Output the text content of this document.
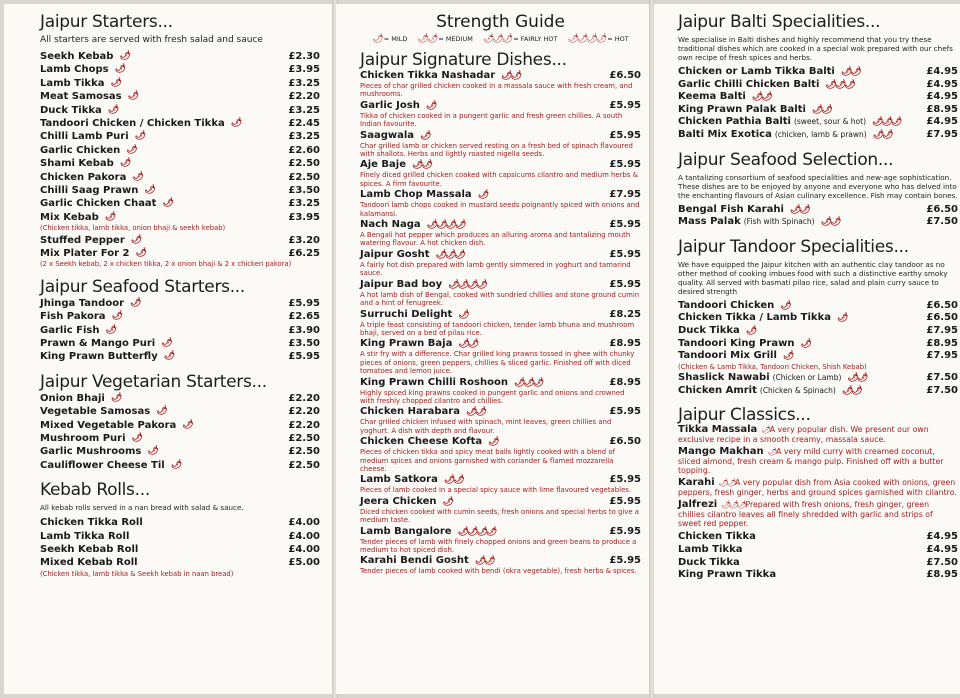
Jaipur Starters...
All starters are served with fresh salad and sauce
Seekh Kebab 🌶	£2.30
Lamb Chops 🌶	£3.95
Lamb Tikka 🌶	£3.25
Meat Samosas 🌶	£2.20
Duck Tikka 🌶	£3.25
Tandoori Chicken / Chicken Tikka 🌶	£2.45
Chilli Lamb Puri 🌶	£3.25
Garlic Chicken 🌶	£2.60
Shami Kebab 🌶	£2.50
Chicken Pakora 🌶	£2.50
Chilli Saag Prawn 🌶	£3.50
Garlic Chicken Chaat 🌶	£3.25
Mix Kebab 🌶	£3.95
(Chicken tikka, lamb tikka, onion bhaji & seekh kebab)
Stuffed Pepper 🌶	£3.20
Mix Plater For 2 🌶	£6.25
(2 x Seekh kebab, 2 x chicken tikka, 2 x onion bhaji & 2 x chicken pakora)
Jaipur Seafood Starters...
Jhinga Tandoor 🌶	£5.95
Fish Pakora 🌶	£2.65
Garlic Fish 🌶	£3.90
Prawn & Mango Puri 🌶	£3.50
King Prawn Butterfly 🌶	£5.95
Jaipur Vegetarian Starters...
Onion Bhaji 🌶	£2.20
Vegetable Samosas 🌶	£2.20
Mixed Vegetable Pakora 🌶	£2.20
Mushroom Puri 🌶	£2.50
Garlic Mushrooms 🌶	£2.50
Cauliflower Cheese Til 🌶	£2.50
Kebab Rolls...
All kebab rolls served in a nan bread with salad & sauce.
Chicken Tikka Roll	£4.00
Lamb Tikka Roll	£4.00
Seekh Kebab Roll	£4.00
Mixed Kebab Roll	£5.00
(Chicken tikka, lamb tikka & Seekh kebab in naan bread)
Strength Guide
🌶 = MILD 🌶🌶 = MEDIUM 🌶🌶🌶 = FAIRLY HOT 🌶🌶🌶🌶 = HOT
Jaipur Signature Dishes...
Chicken Tikka Nashadar 🌶🌶	£6.50
Pieces of char grilled chicken cooked in a massala sauce with fresh cream, and mushrooms.
Garlic Josh 🌶	£5.95
Tikka of chicken cooked in a pungent garlic and fresh green chillies. A south Indian favourite.
Saagwala 🌶	£5.95
Char grilled lamb or chicken served resting on a fresh bed of spinach flavoured with shallots. Herbs and lightly roasted nigella seeds.
Aje Baje 🌶🌶	£5.95
Finely diced grilled chicken cooked with capsicums cilantro and medium herbs & spices. A firm favourite.
Lamb Chop Massala 🌶	£7.95
Tandoori lamb chops cooked in mustard seeds poignantly spiced with onions and kalamansi.
Nach Naga 🌶🌶🌶🌶	£5.95
A Bengali hot pepper which produces an alluring aroma and tantalizing mouth watering flavour. A hot chicken dish.
Jaipur Gosht 🌶🌶🌶	£5.95
A fairly hot dish prepared with lamb gently simmered in yoghurt and tamarind sauce.
Jaipur Bad boy 🌶🌶🌶🌶	£5.95
A hot lamb dish of Bengal, cooked with sundried chillies and stone ground cumin and a hint of fenugreek.
Surruchi Delight 🌶	£8.25
A triple feast consisting of tandoori chicken, tender lamb bhuna and mushroom bhaji, served on a bed of pilau rice.
King Prawn Baja 🌶🌶	£8.95
A stir fry with a difference. Char grilled king prawns tossed in ghee with chunky pieces of onions, green peppers, chillies & sliced garlic. Finished off with diced tomatoes and lemon juice.
King Prawn Chilli Roshoon 🌶🌶🌶	£8.95
Highly spiced king prawns cooked in pungent garlic and onions and crowned with freshly chopped cilantro and chillies.
Chicken Harabara 🌶🌶	£5.95
Char grilled chicken infused with spinach, mint leaves, green chillies and yoghurt. A dish with depth and flavour.
Chicken Cheese Kofta 🌶	£6.50
Pieces of chicken tikka and spicy meat balls lightly cooked with a blend of medium spices and onions garnished with coriander & flamed mozzarella cheese.
Lamb Satkora 🌶🌶	£5.95
Pieces of lamb cooked in a special spicy sauce with lime flavoured vegetables.
Jeera Chicken 🌶	£5.95
Diced chicken cooked with cumin seeds, fresh onions and special herbs to give a medium taste.
Lamb Bangalore 🌶🌶🌶🌶	£5.95
Tender pieces of lamb with finely chopped onions and green beans to produce a medium to hot spiced dish.
Karahi Bendi Gosht 🌶🌶	£5.95
Tender pieces of lamb cooked with bendi (okra vegetable), fresh herbs & spices.
Jaipur Balti Specialities...
We specialise in Balti dishes and highly recommend that you try these traditional dishes which are cooked in a special wok prepared with our chefs own recipe of fresh spices and herbs.
Chicken or Lamb Tikka Balti 🌶🌶	£4.95
Garlic Chilli Chicken Balti 🌶🌶🌶	£4.95
Keema Balti 🌶🌶	£4.95
King Prawn Palak Balti 🌶🌶	£8.95
Chicken Pathia Balti (sweet, sour & hot) 🌶🌶🌶	£4.95
Balti Mix Exotica (chicken, lamb & prawn) 🌶🌶	£7.95
Jaipur Seafood Selection...
A tantalizing consortium of seafood specialities and new-age sophistication. These dishes are to be enjoyed by anyone and everyone who has delved into the enchanting flavours of Asian culinary excellence. Fish may contain bones.
Bengal Fish Karahi 🌶🌶	£6.50
Mass Palak (Fish with Spinach) 🌶🌶	£7.50
Jaipur Tandoor Specialities...
We have equipped the Jaipur kitchen with an authentic clay tandoor as no other method of cooking imbues food with such a distinctive earthy smoky quality. All served with basmati pilao rice, salad and plain curry sauce to desired strength
Tandoori Chicken 🌶	£6.50
Chicken Tikka / Lamb Tikka 🌶	£6.50
Duck Tikka 🌶	£7.95
Tandoori King Prawn 🌶	£8.95
Tandoori Mix Grill 🌶	£7.95
(Chicken & Lamb Tikka, Tandoori Chicken, Shish Kebab)
Shaslick Nawabi (Chicken or Lamb) 🌶🌶	£7.50
Chicken Amrit (Chicken & Spinach) 🌶🌶	£7.50
Jaipur Classics...
Tikka Massala 🌶 A very popular dish. We present our own exclusive recipe in a smooth creamy, massala sauce.
Mango Makhan 🌶 A very mild curry with creamed coconut, sliced almond, fresh cream & mango pulp. Finished off with a butter topping.
Karahi 🌶🌶 A very popular dish from Asia cooked with onions, green peppers, fresh ginger, herbs and ground spices garnished with cilantro.
Jalfrezi 🌶🌶🌶 Prepared with fresh onions, fresh ginger, green chillies cilantro leaves all finely shredded with garlic and strips of sweet red pepper.
Chicken Tikka	£4.95
Lamb Tikka	£4.95
Duck Tikka	£7.50
King Prawn Tikka	£8.95
